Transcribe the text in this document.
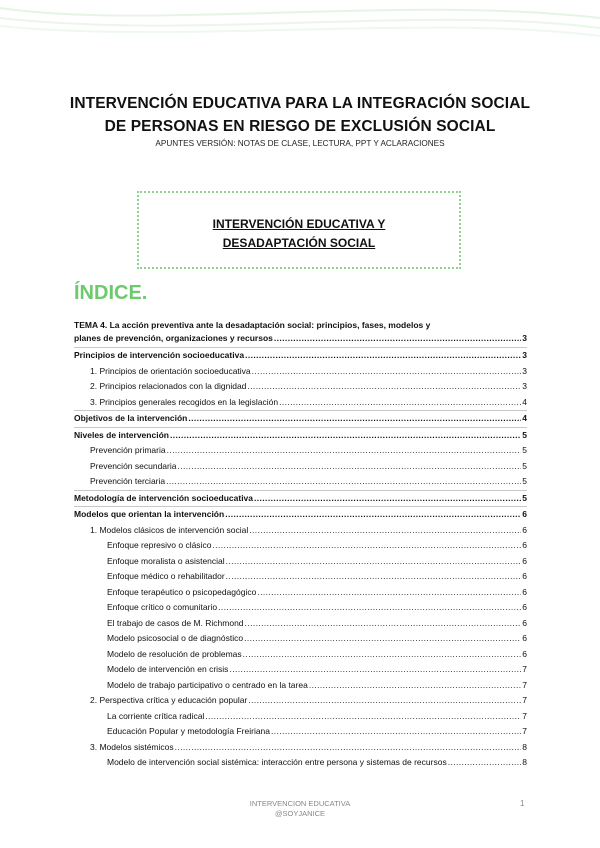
INTERVENCIÓN EDUCATIVA PARA LA INTEGRACIÓN SOCIAL
DE PERSONAS EN RIESGO DE EXCLUSIÓN SOCIAL
APUNTES VERSIÓN: NOTAS DE CLASE, LECTURA, PPT Y ACLARACIONES
INTERVENCIÓN EDUCATIVA Y
DESADAPTACIÓN SOCIAL
ÍNDICE.
TEMA 4. La acción preventiva ante la desadaptación social: principios, fases, modelos y
planes de prevención, organizaciones y recursos .....	3
Principios de intervención socioeducativa .....	3
1. Principios de orientación socioeducativa .....	3
2. Principios relacionados con la dignidad .....	3
3. Principios generales recogidos en la legislación .....	4
Objetivos de la intervención .....	4
Niveles de intervención .....	5
Prevención primaria .....	5
Prevención secundaria .....	5
Prevención terciaria .....	5
Metodología de intervención socioeducativa .....	5
Modelos que orientan la intervención .....	6
1. Modelos clásicos de intervención social .....	6
Enfoque represivo o clásico .....	6
Enfoque moralista o asistencial .....	6
Enfoque médico o rehabilitador .....	6
Enfoque terapéutico o psicopedagógico .....	6
Enfoque crítico o comunitario .....	6
El trabajo de casos de M. Richmond .....	6
Modelo psicosocial o de diagnóstico .....	6
Modelo de resolución de problemas .....	6
Modelo de intervención en crisis .....	7
Modelo de trabajo participativo o centrado en la tarea .....	7
2. Perspectiva crítica y educación popular .....	7
La corriente crítica radical .....	7
Educación Popular y metodología Freiriana .....	7
3. Modelos sistémicos .....	8
Modelo de intervención social sistémica: interacción entre persona y sistemas de recursos .....	8
INTERVENCION EDUCATIVA
@SOYJANICE
1
